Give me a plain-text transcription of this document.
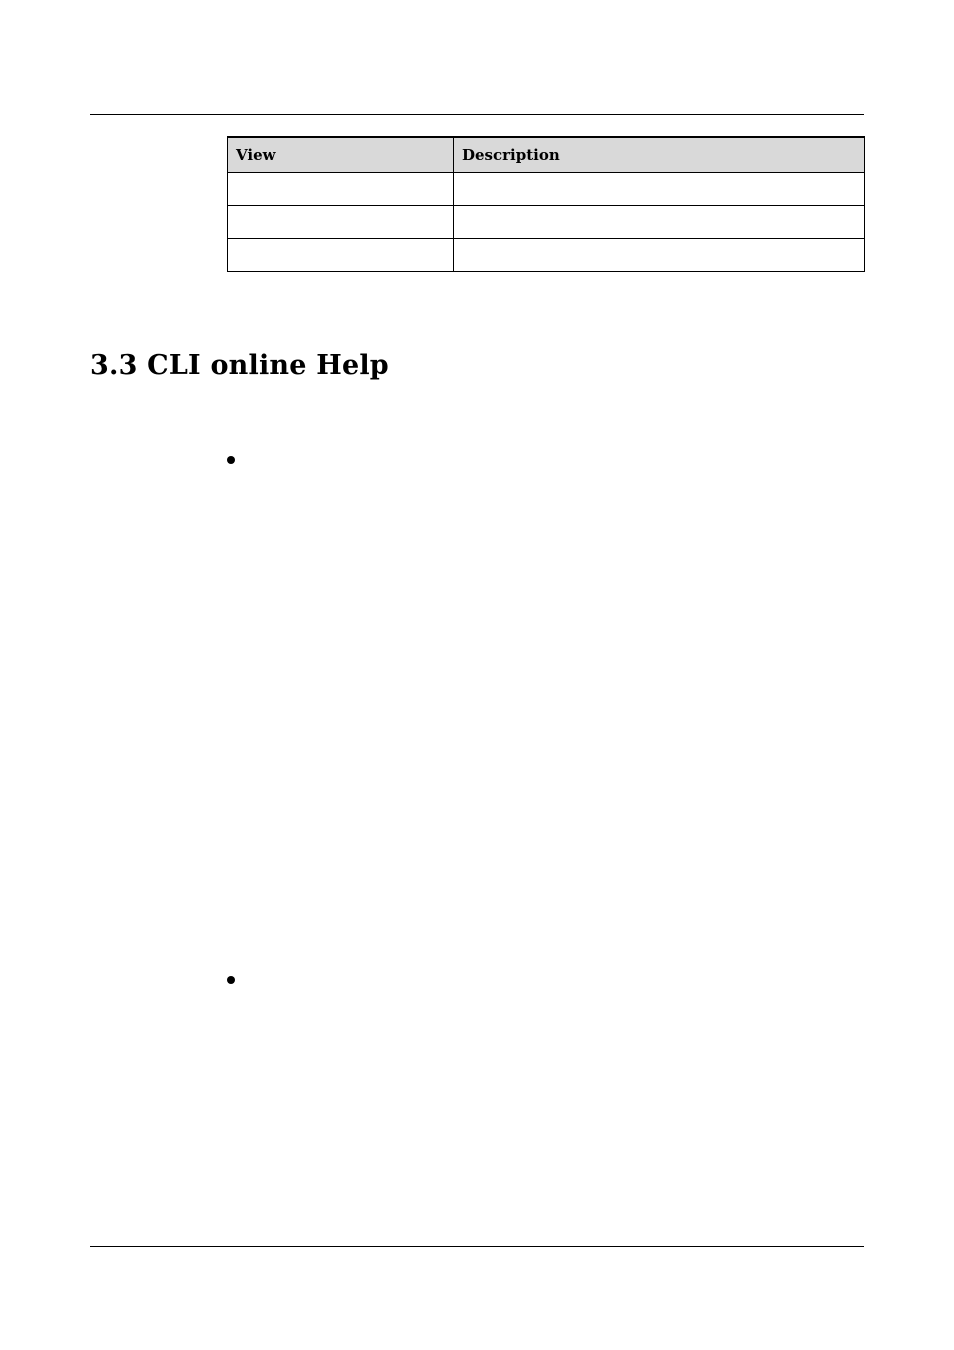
View	Description

3.3 CLI online Help
